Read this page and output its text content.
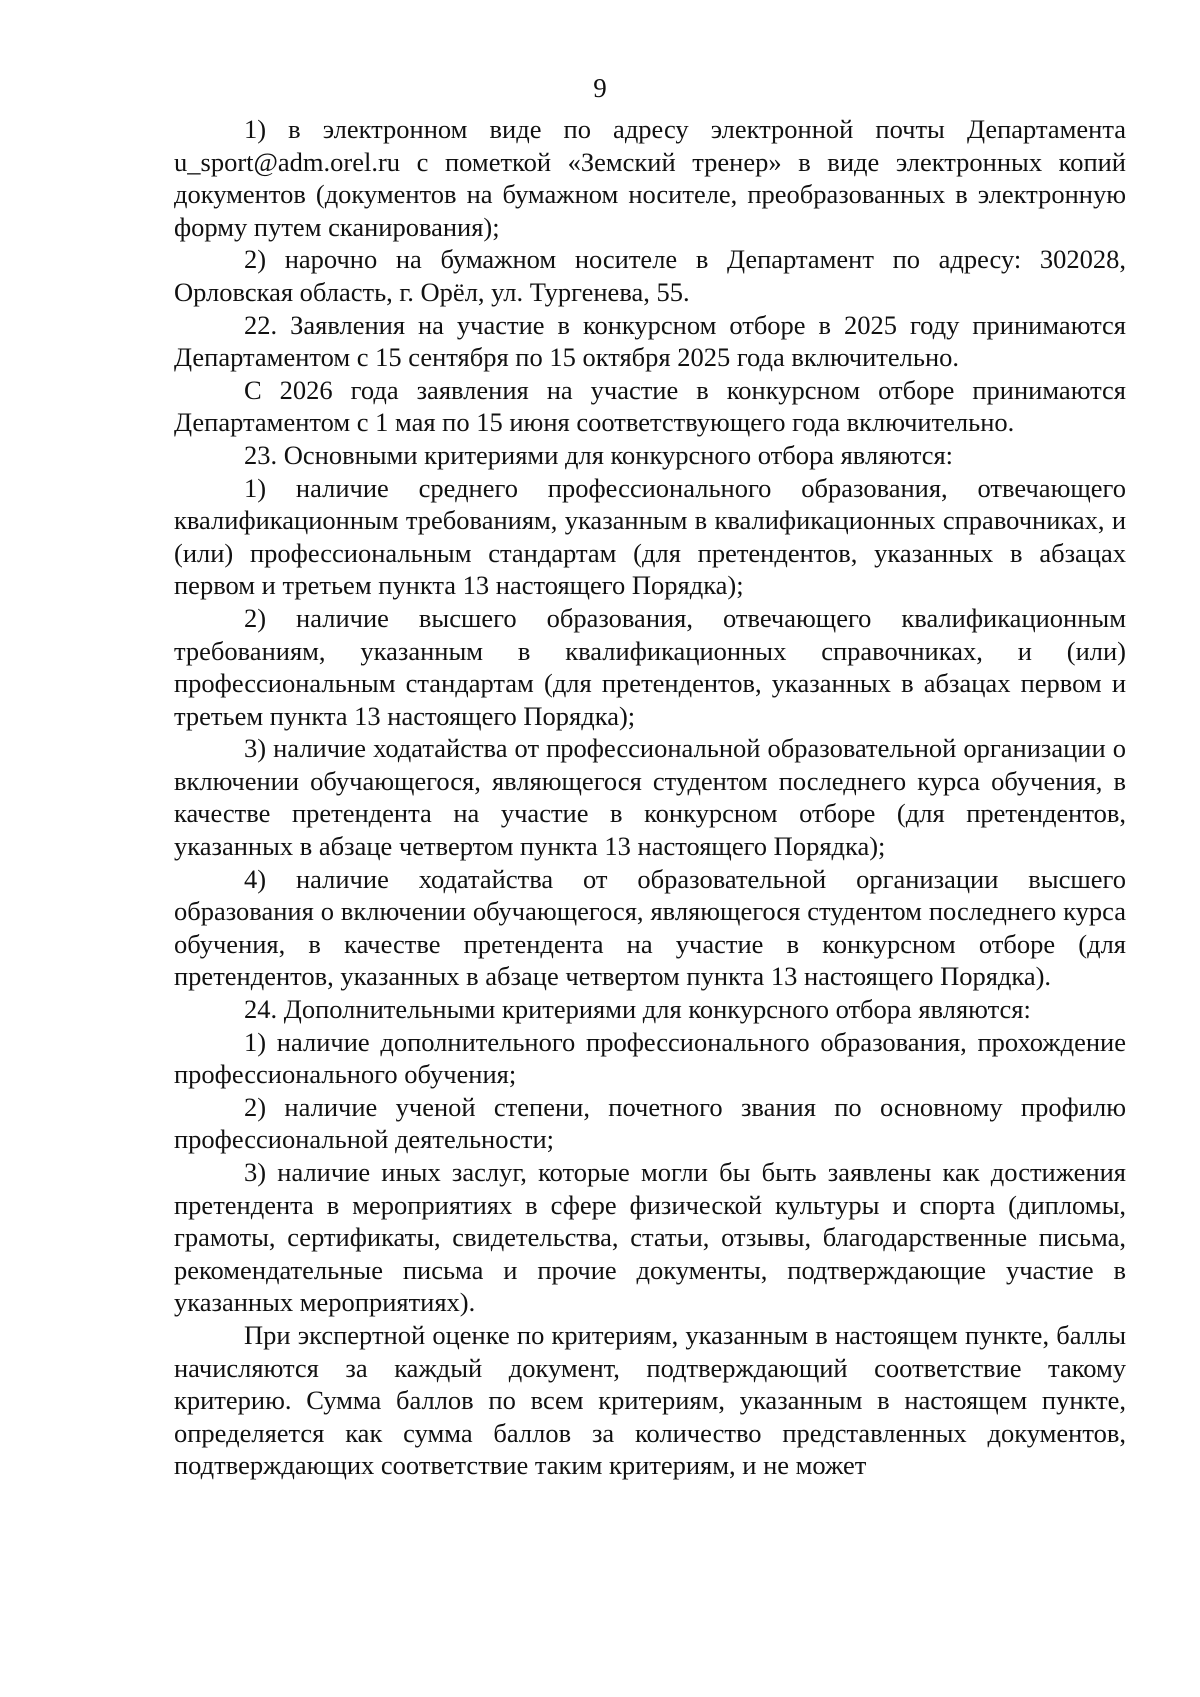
9

1) в электронном виде по адресу электронной почты Департамента u_sport@adm.orel.ru с пометкой «Земский тренер» в виде электронных копий документов (документов на бумажном носителе, преобразованных в электронную форму путем сканирования);

2) нарочно на бумажном носителе в Департамент по адресу: 302028, Орловская область, г. Орёл, ул. Тургенева, 55.

22. Заявления на участие в конкурсном отборе в 2025 году принимаются Департаментом с 15 сентября по 15 октября 2025 года включительно.

С 2026 года заявления на участие в конкурсном отборе принимаются Департаментом с 1 мая по 15 июня соответствующего года включительно.

23. Основными критериями для конкурсного отбора являются:

1) наличие среднего профессионального образования, отвечающего квалификационным требованиям, указанным в квалификационных справочниках, и (или) профессиональным стандартам (для претендентов, указанных в абзацах первом и третьем пункта 13 настоящего Порядка);

2) наличие высшего образования, отвечающего квалификационным требованиям, указанным в квалификационных справочниках, и (или) профессиональным стандартам (для претендентов, указанных в абзацах первом и третьем пункта 13 настоящего Порядка);

3) наличие ходатайства от профессиональной образовательной организации о включении обучающегося, являющегося студентом последнего курса обучения, в качестве претендента на участие в конкурсном отборе (для претендентов, указанных в абзаце четвертом пункта 13 настоящего Порядка);

4) наличие ходатайства от образовательной организации высшего образования о включении обучающегося, являющегося студентом последнего курса обучения, в качестве претендента на участие в конкурсном отборе (для претендентов, указанных в абзаце четвертом пункта 13 настоящего Порядка).

24. Дополнительными критериями для конкурсного отбора являются:

1) наличие дополнительного профессионального образования, прохождение профессионального обучения;

2) наличие ученой степени, почетного звания по основному профилю профессиональной деятельности;

3) наличие иных заслуг, которые могли бы быть заявлены как достижения претендента в мероприятиях в сфере физической культуры и спорта (дипломы, грамоты, сертификаты, свидетельства, статьи, отзывы, благодарственные письма, рекомендательные письма и прочие документы, подтверждающие участие в указанных мероприятиях).

При экспертной оценке по критериям, указанным в настоящем пункте, баллы начисляются за каждый документ, подтверждающий соответствие такому критерию. Сумма баллов по всем критериям, указанным в настоящем пункте, определяется как сумма баллов за количество представленных документов, подтверждающих соответствие таким критериям, и не может
